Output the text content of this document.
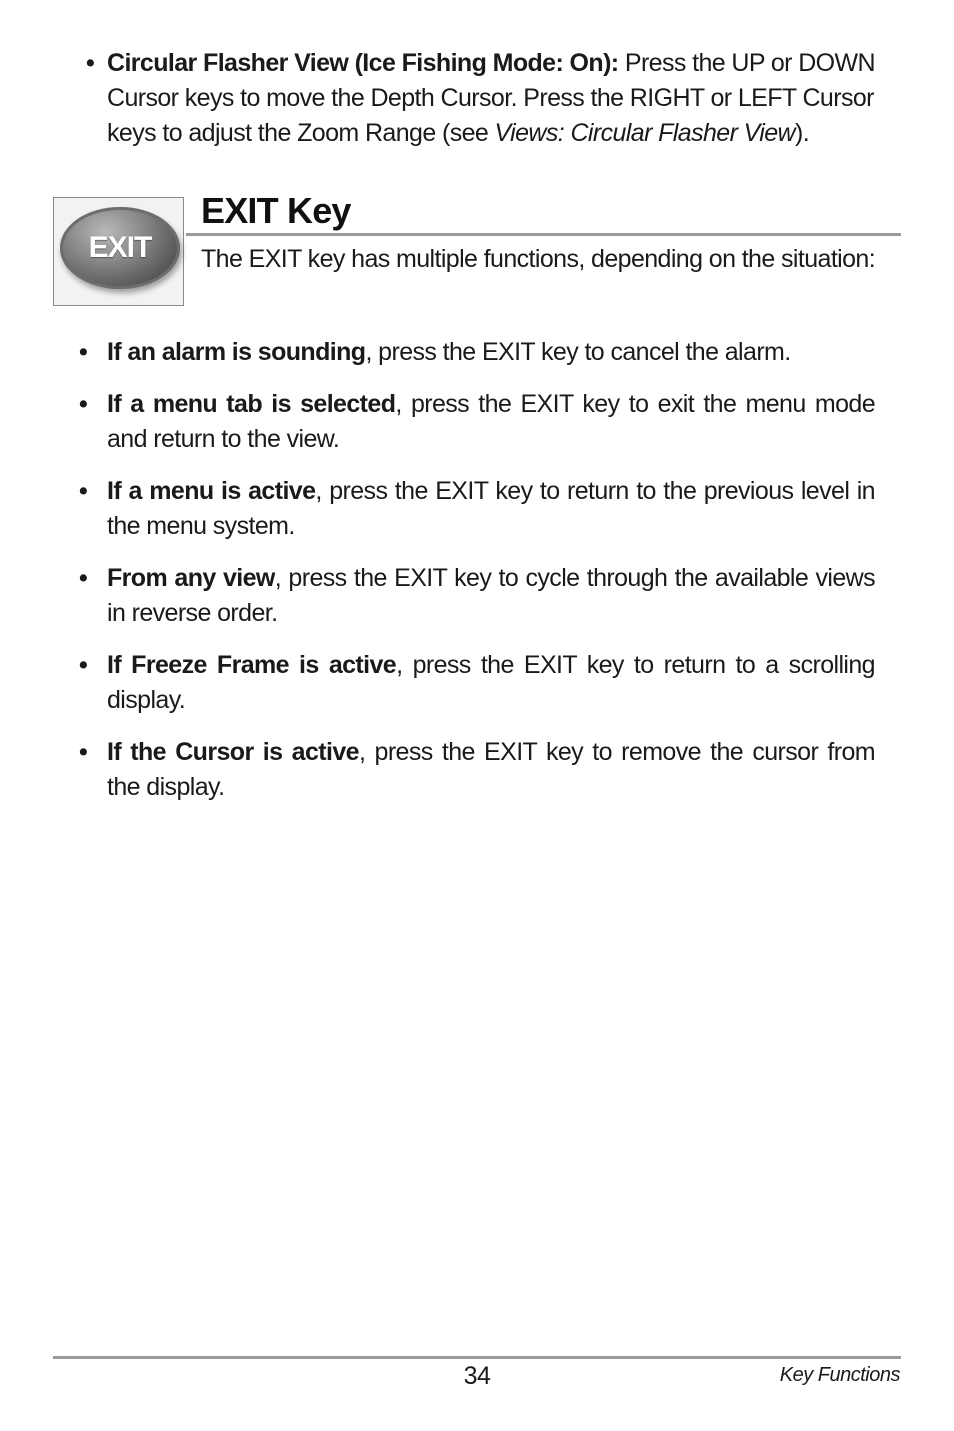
• Circular Flasher View (Ice Fishing Mode: On): Press the UP or DOWN Cursor keys to move the Depth Cursor. Press the RIGHT or LEFT Cursor keys to adjust the Zoom Range (see Views: Circular Flasher View).
EXIT
EXIT Key
The EXIT key has multiple functions, depending on the situation:
• If an alarm is sounding, press the EXIT key to cancel the alarm.
• If a menu tab is selected, press the EXIT key to exit the menu mode and return to the view.
• If a menu is active, press the EXIT key to return to the previous level in the menu system.
• From any view, press the EXIT key to cycle through the available views in reverse order.
• If Freeze Frame is active, press the EXIT key to return to a scrolling display.
• If the Cursor is active, press the EXIT key to remove the cursor from the display.
34	Key Functions
